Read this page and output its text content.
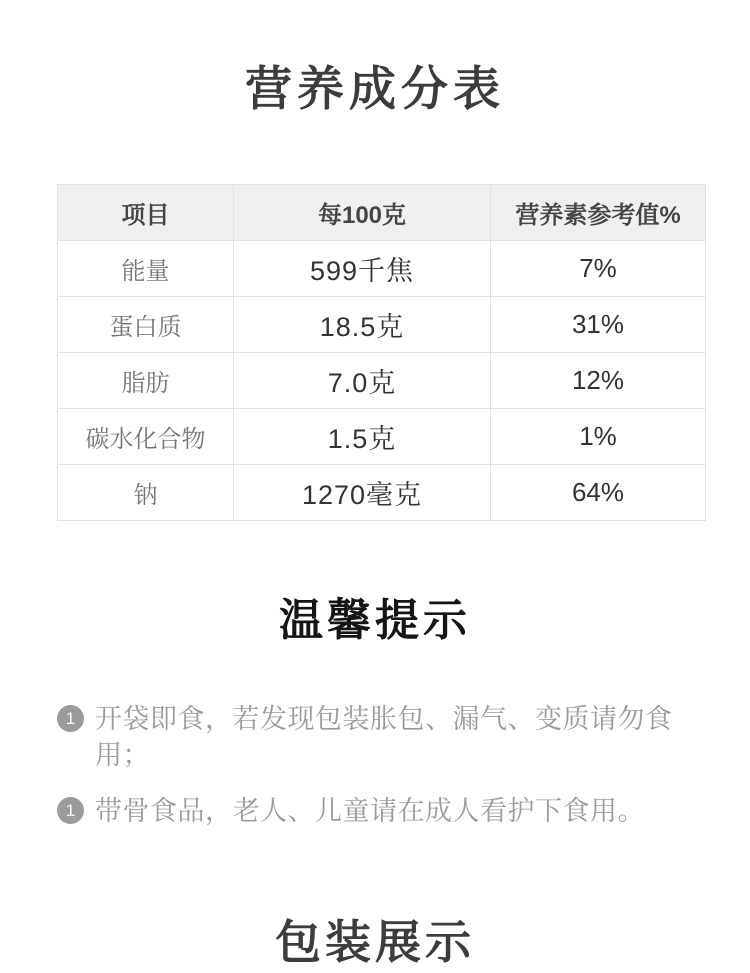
营养成分表
项目	每100克	营养素参考值%
能量	599千焦	7%
蛋白质	18.5克	31%
脂肪	7.0克	12%
碳水化合物	1.5克	1%
钠	1270毫克	64%
温馨提示
1 开袋即食，若发现包装胀包、漏气、变质请勿食用；
1 带骨食品，老人、儿童请在成人看护下食用。
包装展示
